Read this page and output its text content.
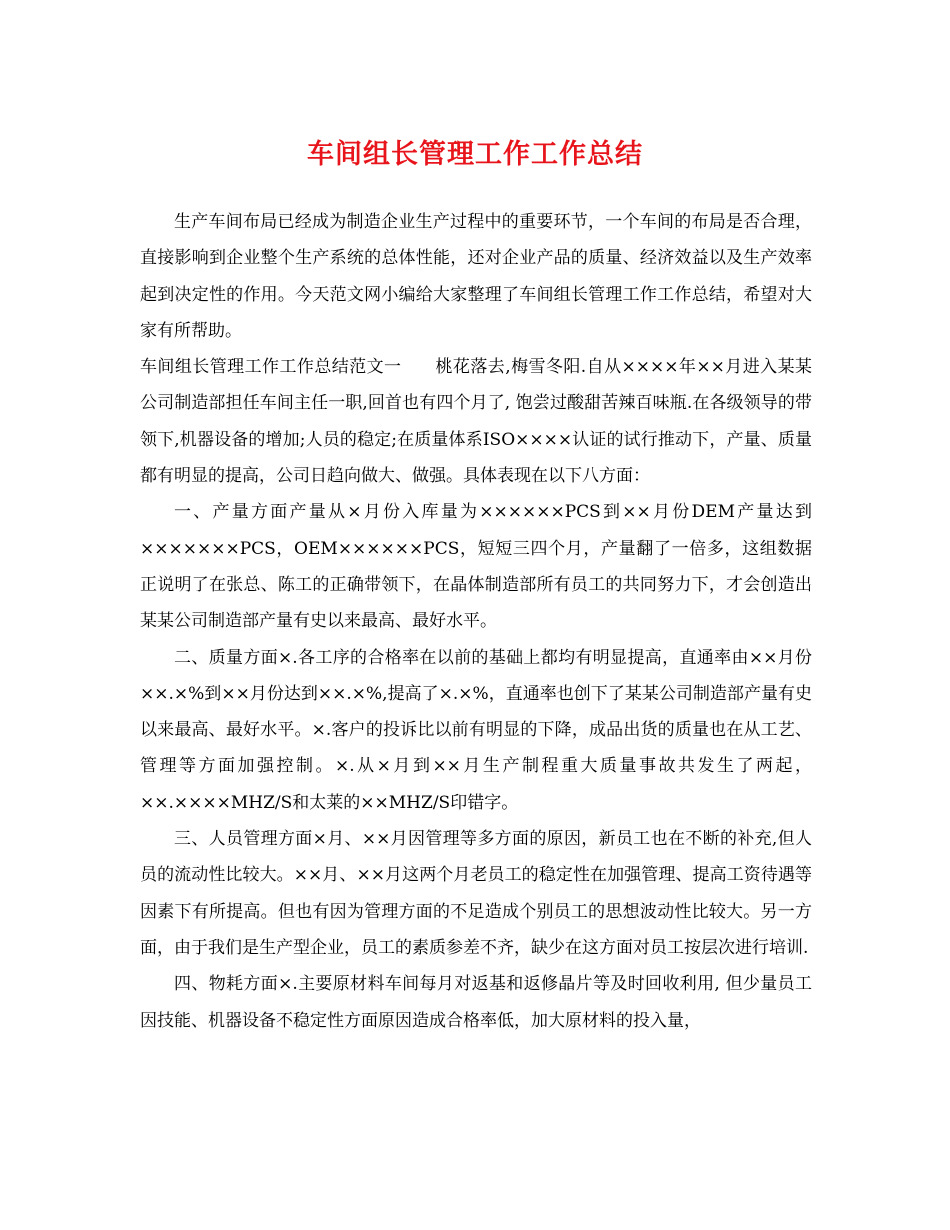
车间组长管理工作工作总结

生产车间布局已经成为制造企业生产过程中的重要环节，一个车间的布局是否合理，直接影响到企业整个生产系统的总体性能，还对企业产品的质量、经济效益以及生产效率起到决定性的作用。今天范文网小编给大家整理了车间组长管理工作工作总结，希望对大家有所帮助。

车间组长管理工作工作总结范文一 桃花落去,梅雪冬阳.自从××××年××月进入某某公司制造部担任车间主任一职,回首也有四个月了, 饱尝过酸甜苦辣百味瓶.在各级领导的带领下,机器设备的增加;人员的稳定;在质量体系ISO××××认证的试行推动下，产量、质量都有明显的提高，公司日趋向做大、做强。具体表现在以下八方面：

一、产量方面产量从×月份入库量为××××××PCS到××月份DEM产量达到×××××××PCS，OEM××××××PCS，短短三四个月，产量翻了一倍多，这组数据正说明了在张总、陈工的正确带领下，在晶体制造部所有员工的共同努力下，才会创造出某某公司制造部产量有史以来最高、最好水平。

二、质量方面×.各工序的合格率在以前的基础上都均有明显提高，直通率由××月份××.×%到××月份达到××.×%,提高了×.×%，直通率也创下了某某公司制造部产量有史以来最高、最好水平。×.客户的投诉比以前有明显的下降，成品出货的质量也在从工艺、管理等方面加强控制。×.从×月到××月生产制程重大质量事故共发生了两起，××.××××MHZ/S和太莱的××MHZ/S印错字。

三、人员管理方面×月、××月因管理等多方面的原因，新员工也在不断的补充,但人员的流动性比较大。××月、××月这两个月老员工的稳定性在加强管理、提高工资待遇等因素下有所提高。但也有因为管理方面的不足造成个别员工的思想波动性比较大。另一方面，由于我们是生产型企业，员工的素质参差不齐，缺少在这方面对员工按层次进行培训.

四、物耗方面×.主要原材料车间每月对返基和返修晶片等及时回收利用, 但少量员工因技能、机器设备不稳定性方面原因造成合格率低，加大原材料的投入量，
